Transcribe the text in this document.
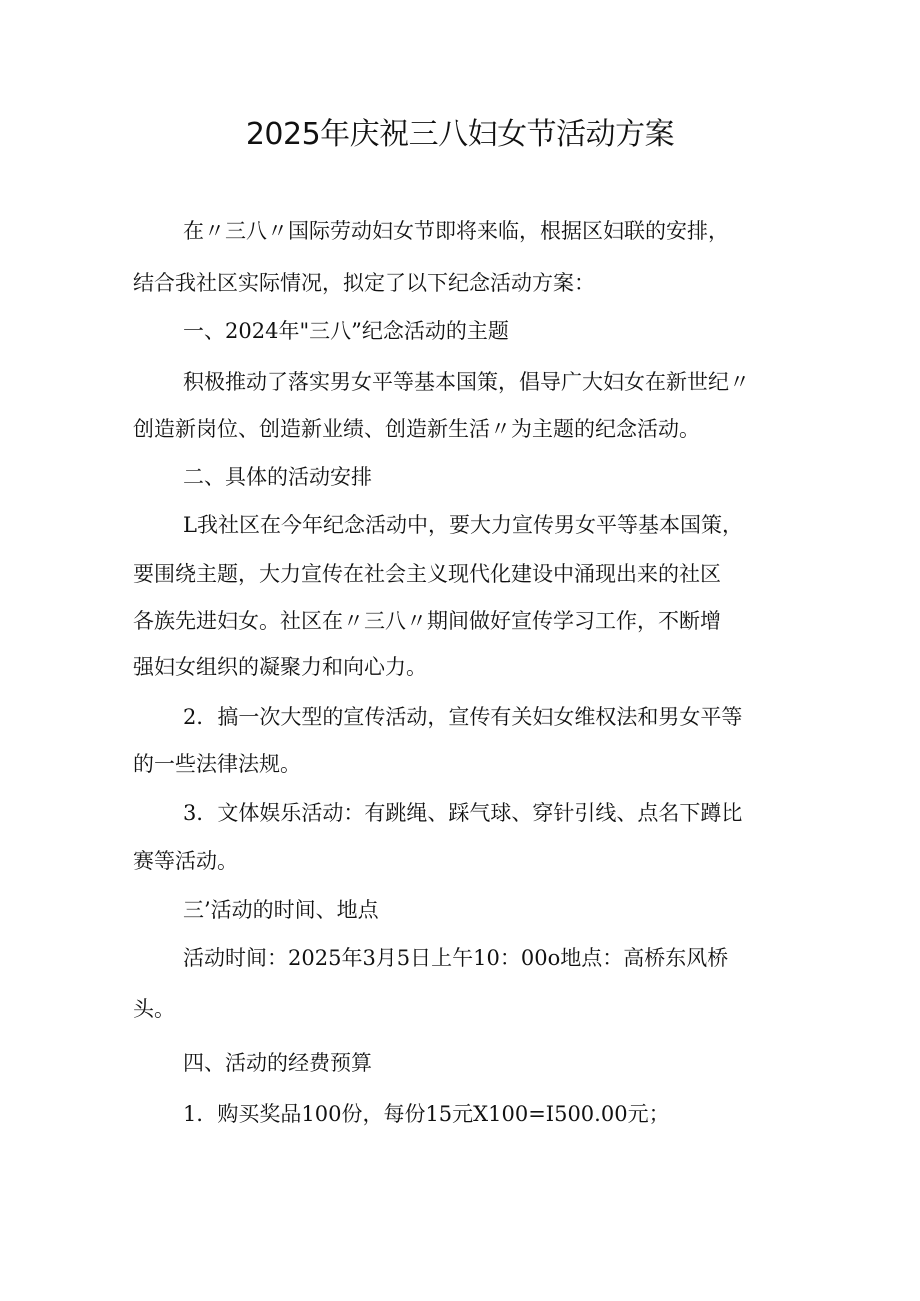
2025年庆祝三八妇女节活动方案
在〃三八〃国际劳动妇女节即将来临，根据区妇联的安排，
结合我社区实际情况，拟定了以下纪念活动方案：
一、2024年"三八”纪念活动的主题
积极推动了落实男女平等基本国策，倡导广大妇女在新世纪〃
创造新岗位、创造新业绩、创造新生活〃为主题的纪念活动。
二、具体的活动安排
L我社区在今年纪念活动中，要大力宣传男女平等基本国策，
要围绕主题，大力宣传在社会主义现代化建设中涌现出来的社区
各族先进妇女。社区在〃三八〃期间做好宣传学习工作，不断增
强妇女组织的凝聚力和向心力。
2．搞一次大型的宣传活动，宣传有关妇女维权法和男女平等
的一些法律法规。
3．文体娱乐活动：有跳绳、踩气球、穿针引线、点名下蹲比
赛等活动。
三’活动的时间、地点
活动时间：2025年3月5日上午10：00o地点：高桥东风桥
头。
四、活动的经费预算
1．购买奖品100份，每份15元X100=I500.00元；
